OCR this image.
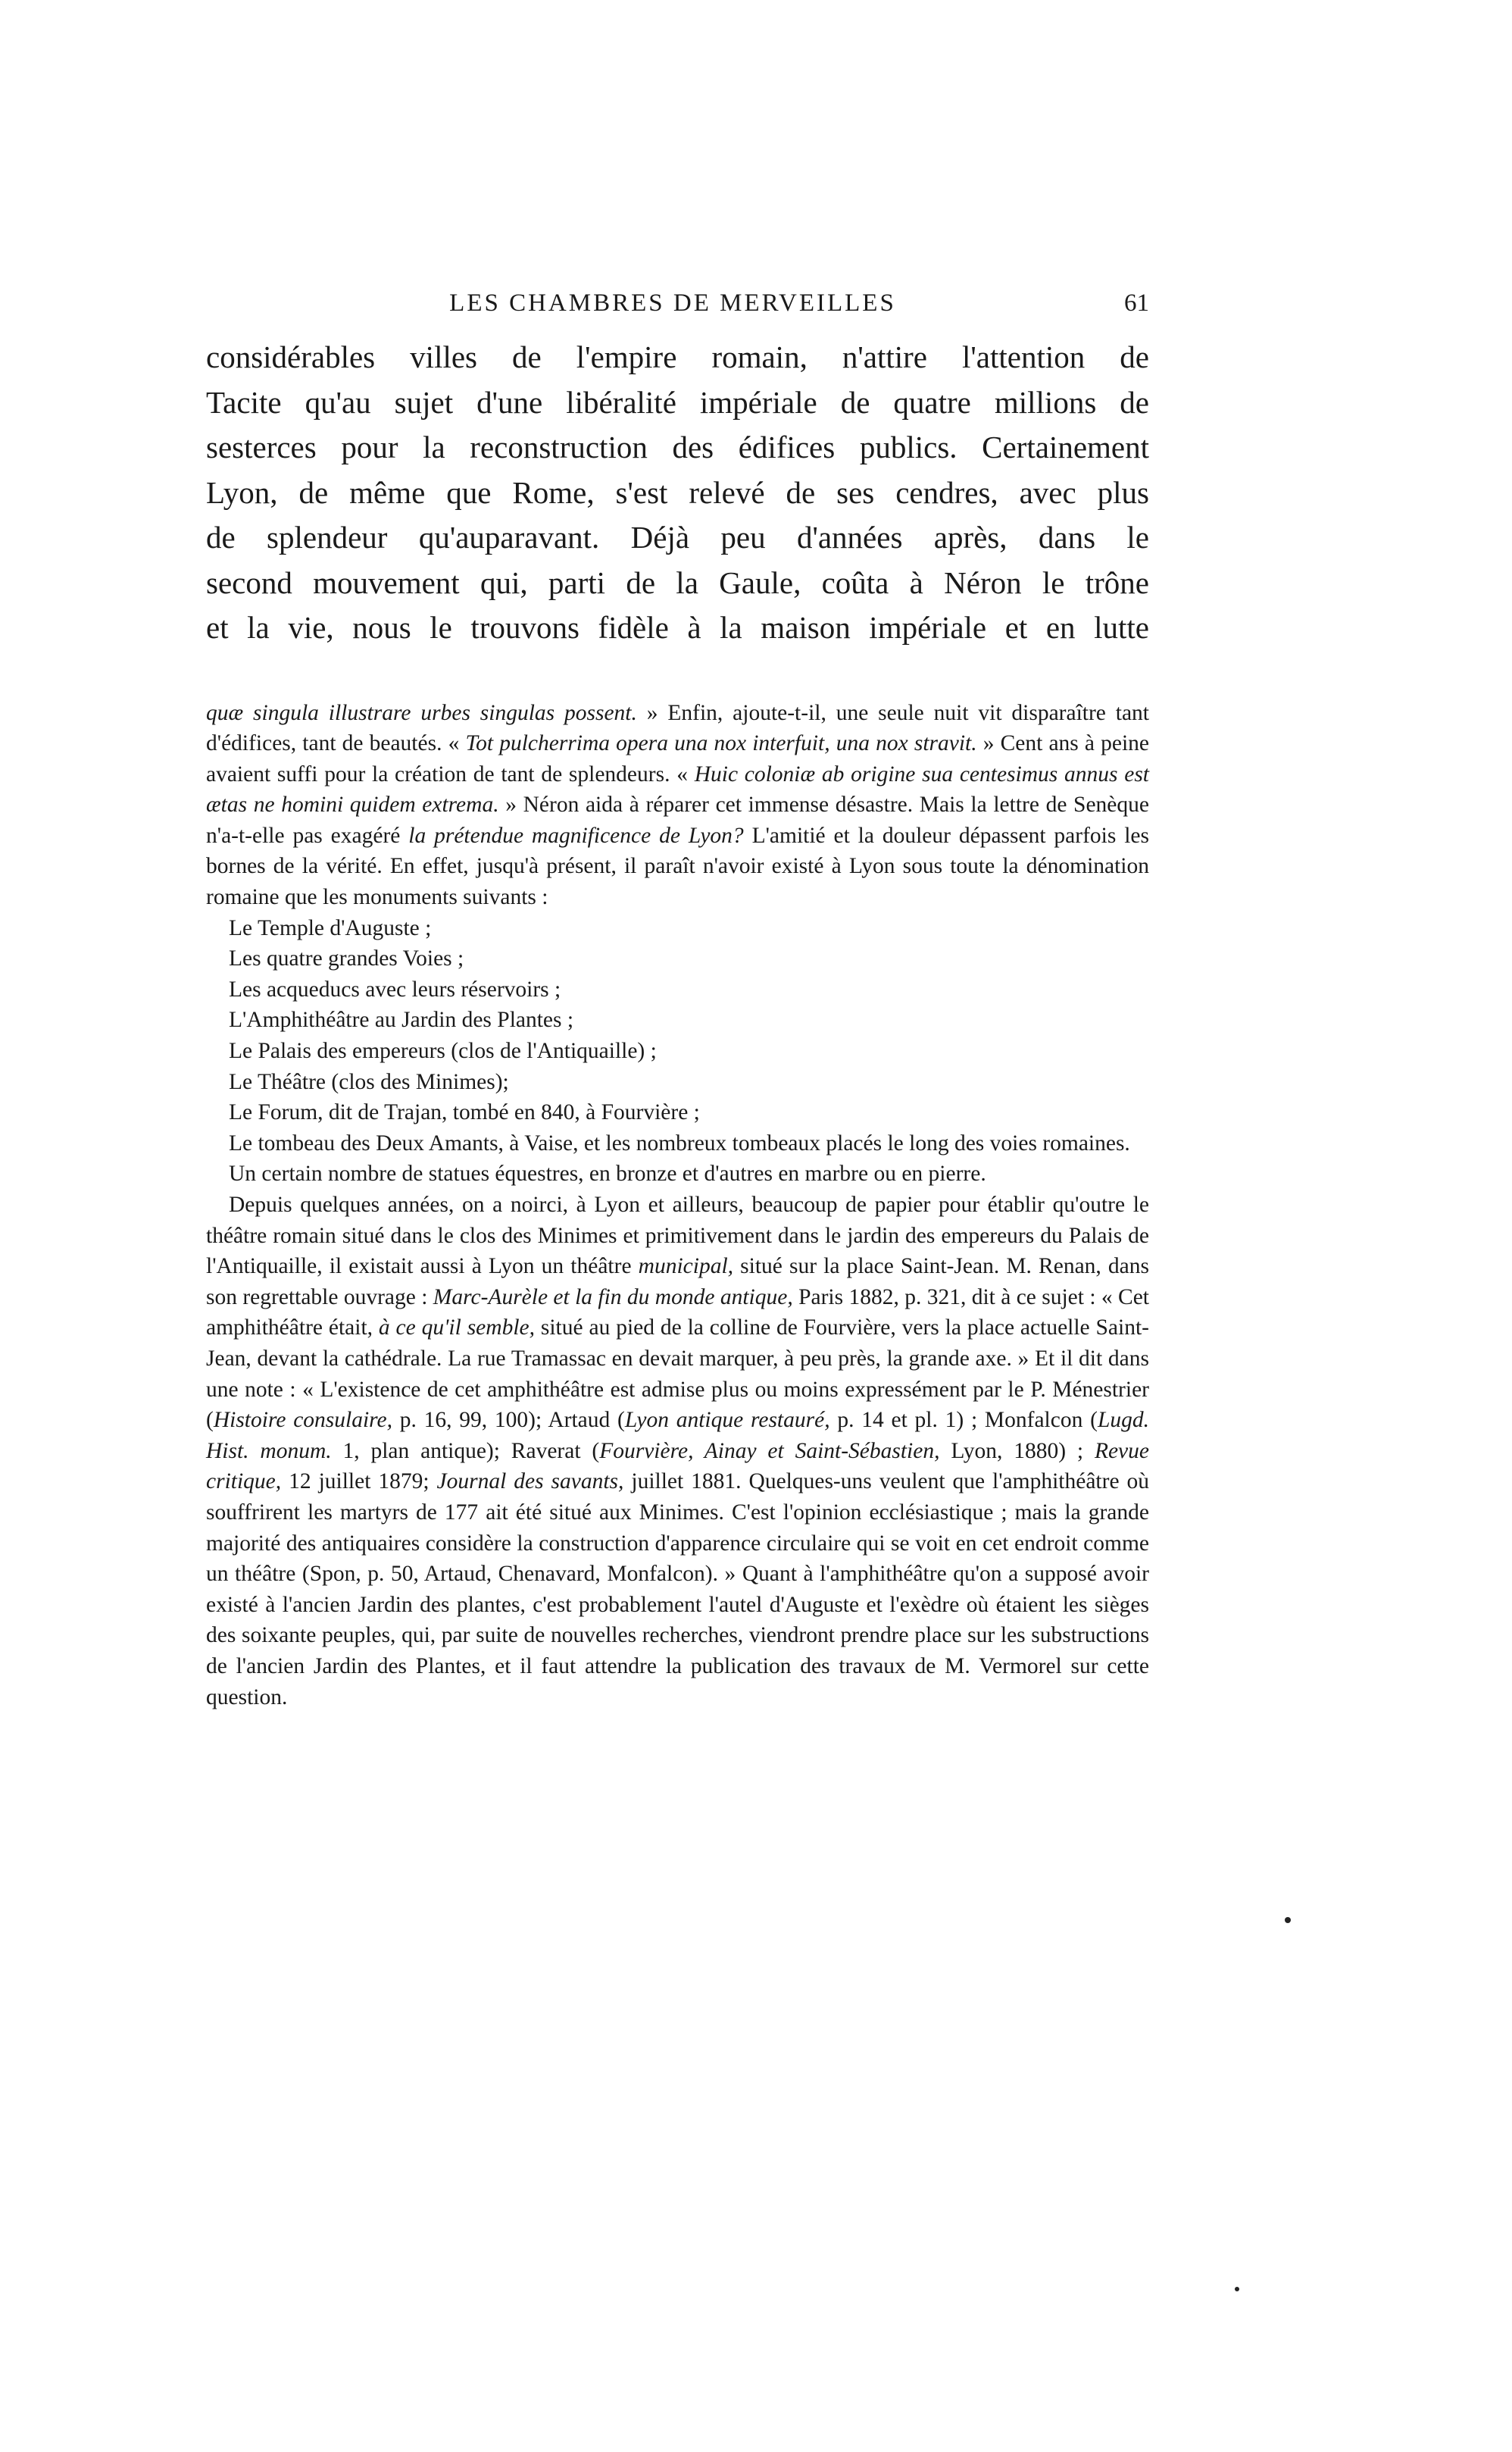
LES CHAMBRES DE MERVEILLES	61

considérables villes de l'empire romain, n'attire l'attention de

Tacite qu'au sujet d'une libéralité impériale de quatre millions de

sesterces pour la reconstruction des édifices publics. Certainement

Lyon, de même que Rome, s'est relevé de ses cendres, avec plus

de splendeur qu'auparavant. Déjà peu d'années après, dans le

second mouvement qui, parti de la Gaule, coûta à Néron le trône

et la vie, nous le trouvons fidèle à la maison impériale et en lutte

quæ singula illustrare urbes singulas possent. » Enfin, ajoute-t-il, une seule nuit vit disparaître tant d'édifices, tant de beautés. « Tot pulcherrima opera una nox interfuit, una nox stravit. » Cent ans à peine avaient suffi pour la création de tant de splendeurs. « Huic coloniæ ab origine sua centesimus annus est ætas ne homini quidem extrema. » Néron aida à réparer cet immense désastre. Mais la lettre de Senèque n'a-t-elle pas exagéré la prétendue magnificence de Lyon? L'amitié et la douleur dépassent parfois les bornes de la vérité. En effet, jusqu'à présent, il paraît n'avoir existé à Lyon sous toute la dénomination romaine que les monuments suivants :

Le Temple d'Auguste ;
Les quatre grandes Voies ;
Les acqueducs avec leurs réservoirs ;
L'Amphithéâtre au Jardin des Plantes ;
Le Palais des empereurs (clos de l'Antiquaille) ;
Le Théâtre (clos des Minimes);
Le Forum, dit de Trajan, tombé en 840, à Fourvière ;
Le tombeau des Deux Amants, à Vaise, et les nombreux tombeaux placés le long des voies romaines.
Un certain nombre de statues équestres, en bronze et d'autres en marbre ou en pierre.

Depuis quelques années, on a noirci, à Lyon et ailleurs, beaucoup de papier pour établir qu'outre le théâtre romain situé dans le clos des Minimes et primitivement dans le jardin des empereurs du Palais de l'Antiquaille, il existait aussi à Lyon un théâtre municipal, situé sur la place Saint-Jean. M. Renan, dans son regrettable ouvrage : Marc-Aurèle et la fin du monde antique, Paris 1882, p. 321, dit à ce sujet : « Cet amphithéâtre était, à ce qu'il semble, situé au pied de la colline de Fourvière, vers la place actuelle Saint-Jean, devant la cathédrale. La rue Tramassac en devait marquer, à peu près, la grande axe. » Et il dit dans une note : « L'existence de cet amphithéâtre est admise plus ou moins expressément par le P. Ménestrier (Histoire consulaire, p. 16, 99, 100); Artaud (Lyon antique restauré, p. 14 et pl. 1) ; Monfalcon (Lugd. Hist. monum. 1, plan antique); Raverat (Fourvière, Ainay et Saint-Sébastien, Lyon, 1880) ; Revue critique, 12 juillet 1879; Journal des savants, juillet 1881. Quelques-uns veulent que l'amphithéâtre où souffrirent les martyrs de 177 ait été situé aux Minimes. C'est l'opinion ecclésiastique ; mais la grande majorité des antiquaires considère la construction d'apparence circulaire qui se voit en cet endroit comme un théâtre (Spon, p. 50, Artaud, Chenavard, Monfalcon). » Quant à l'amphithéâtre qu'on a supposé avoir existé à l'ancien Jardin des plantes, c'est probablement l'autel d'Auguste et l'exèdre où étaient les sièges des soixante peuples, qui, par suite de nouvelles recherches, viendront prendre place sur les substructions de l'ancien Jardin des Plantes, et il faut attendre la publication des travaux de M. Vermorel sur cette question.
